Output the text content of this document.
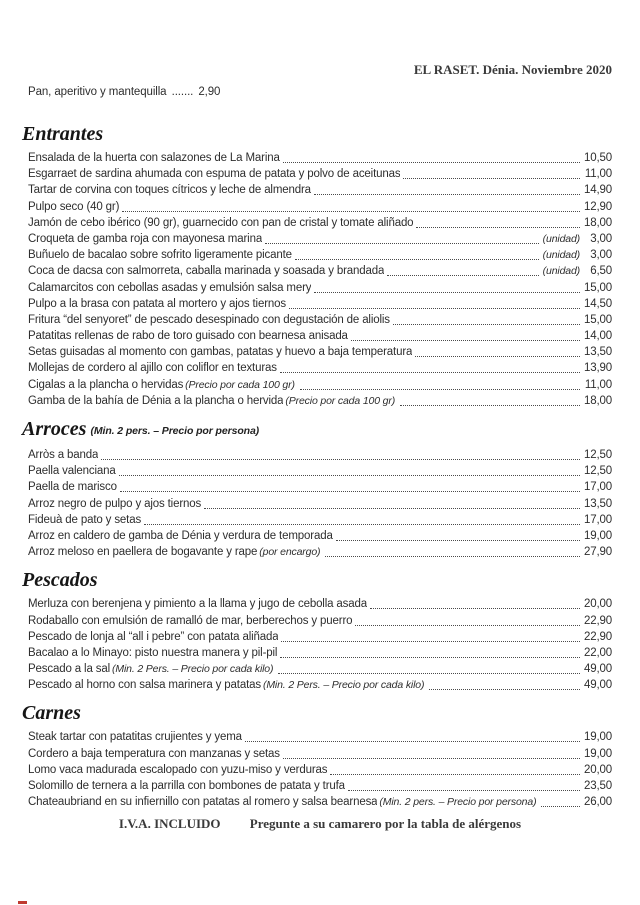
EL RASET. Dénia. Noviembre 2020
Pan, aperitivo y mantequilla ....... 2,90
Entrantes
Ensalada de la huerta con salazones de La Marina	10,50
Esgarraet de sardina ahumada con espuma de patata y polvo de aceitunas	11,00
Tartar de corvina con toques cítricos y leche de almendra	14,90
Pulpo seco (40 gr)	12,90
Jamón de cebo ibérico (90 gr), guarnecido con pan de cristal y tomate aliñado	18,00
Croqueta de gamba roja con mayonesa marina	(unidad) 3,00
Buñuelo de bacalao sobre sofrito ligeramente picante	(unidad) 3,00
Coca de dacsa con salmorreta, caballa marinada y soasada y brandada	(unidad) 6,50
Calamarcitos con cebollas asadas y emulsión salsa mery	15,00
Pulpo a la brasa con patata al mortero y ajos tiernos	14,50
Fritura “del senyoret” de pescado desespinado con degustación de aliolis	15,00
Patatitas rellenas de rabo de toro guisado con bearnesa anisada	14,00
Setas guisadas al momento con gambas, patatas y huevo a baja temperatura	13,50
Mollejas de cordero al ajillo con coliflor en texturas	13,90
Cigalas a la plancha o hervidas (Precio por cada 100 gr)	11,00
Gamba de la bahía de Dénia a la plancha o hervida (Precio por cada 100 gr)	18,00
Arroces (Min. 2 pers. – Precio por persona)
Arròs a banda	12,50
Paella valenciana	12,50
Paella de marisco	17,00
Arroz negro de pulpo y ajos tiernos	13,50
Fideuà de pato y setas	17,00
Arroz en caldero de gamba de Dénia y verdura de temporada	19,00
Arroz meloso en paellera de bogavante y rape (por encargo)	27,90
Pescados
Merluza con berenjena y pimiento a la llama y jugo de cebolla asada	20,00
Rodaballo con emulsión de ramalló de mar, berberechos y puerro	22,90
Pescado de lonja al “all i pebre” con patata aliñada	22,90
Bacalao a lo Minayo: pisto nuestra manera y pil-pil	22,00
Pescado a la sal (Min. 2 Pers. – Precio por cada kilo)	49,00
Pescado al horno con salsa marinera y patatas (Min. 2 Pers. – Precio por cada kilo)	49,00
Carnes
Steak tartar con patatitas crujientes y yema	19,00
Cordero a baja temperatura con manzanas y setas	19,00
Lomo vaca madurada escalopado con yuzu-miso y verduras	20,00
Solomillo de ternera a la parrilla con bombones de patata y trufa	23,50
Chateaubriand en su infiernillo con patatas al romero y salsa bearnesa (Min. 2 pers. – Precio por persona)	26,00
I.V.A. INCLUIDO Pregunte a su camarero por la tabla de alérgenos
